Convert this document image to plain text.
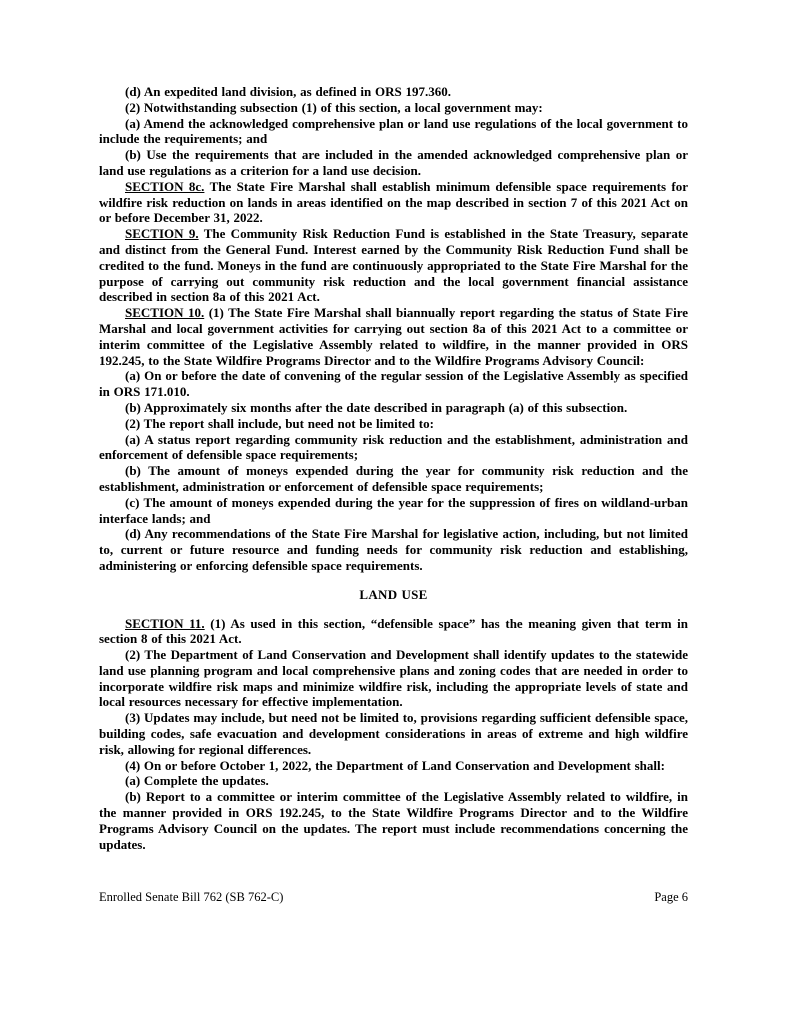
(d) An expedited land division, as defined in ORS 197.360.

(2) Notwithstanding subsection (1) of this section, a local government may:

(a) Amend the acknowledged comprehensive plan or land use regulations of the local government to include the requirements; and

(b) Use the requirements that are included in the amended acknowledged comprehensive plan or land use regulations as a criterion for a land use decision.

SECTION 8c. The State Fire Marshal shall establish minimum defensible space requirements for wildfire risk reduction on lands in areas identified on the map described in section 7 of this 2021 Act on or before December 31, 2022.

SECTION 9. The Community Risk Reduction Fund is established in the State Treasury, separate and distinct from the General Fund. Interest earned by the Community Risk Reduction Fund shall be credited to the fund. Moneys in the fund are continuously appropriated to the State Fire Marshal for the purpose of carrying out community risk reduction and the local government financial assistance described in section 8a of this 2021 Act.

SECTION 10. (1) The State Fire Marshal shall biannually report regarding the status of State Fire Marshal and local government activities for carrying out section 8a of this 2021 Act to a committee or interim committee of the Legislative Assembly related to wildfire, in the manner provided in ORS 192.245, to the State Wildfire Programs Director and to the Wildfire Programs Advisory Council:

(a) On or before the date of convening of the regular session of the Legislative Assembly as specified in ORS 171.010.

(b) Approximately six months after the date described in paragraph (a) of this subsection.

(2) The report shall include, but need not be limited to:

(a) A status report regarding community risk reduction and the establishment, administration and enforcement of defensible space requirements;

(b) The amount of moneys expended during the year for community risk reduction and the establishment, administration or enforcement of defensible space requirements;

(c) The amount of moneys expended during the year for the suppression of fires on wildland-urban interface lands; and

(d) Any recommendations of the State Fire Marshal for legislative action, including, but not limited to, current or future resource and funding needs for community risk reduction and establishing, administering or enforcing defensible space requirements.

LAND USE

SECTION 11. (1) As used in this section, “defensible space” has the meaning given that term in section 8 of this 2021 Act.

(2) The Department of Land Conservation and Development shall identify updates to the statewide land use planning program and local comprehensive plans and zoning codes that are needed in order to incorporate wildfire risk maps and minimize wildfire risk, including the appropriate levels of state and local resources necessary for effective implementation.

(3) Updates may include, but need not be limited to, provisions regarding sufficient defensible space, building codes, safe evacuation and development considerations in areas of extreme and high wildfire risk, allowing for regional differences.

(4) On or before October 1, 2022, the Department of Land Conservation and Development shall:

(a) Complete the updates.

(b) Report to a committee or interim committee of the Legislative Assembly related to wildfire, in the manner provided in ORS 192.245, to the State Wildfire Programs Director and to the Wildfire Programs Advisory Council on the updates. The report must include recommendations concerning the updates.

Enrolled Senate Bill 762 (SB 762-C)	Page 6
